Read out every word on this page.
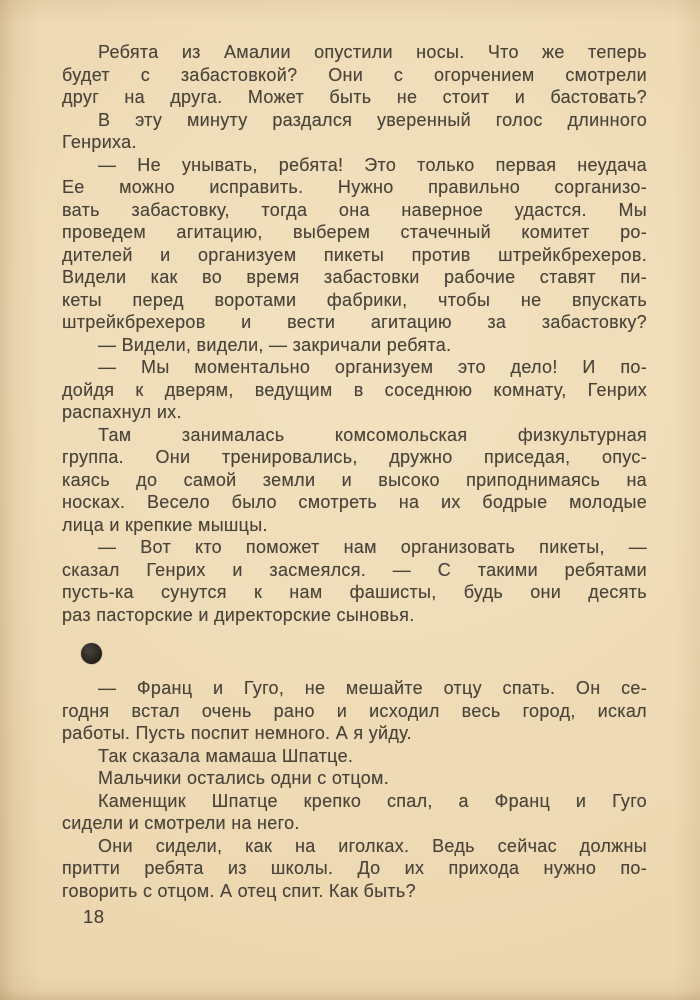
Ребята из Амалии опустили носы. Что же теперь
будет с забастовкой? Они с огорчением смотрели
друг на друга. Может быть не стоит и бастовать?
В эту минуту раздался уверенный голос длинного
Генриха.
— Не унывать, ребята! Это только первая неудача
Ее можно исправить. Нужно правильно сорганизо-
вать забастовку, тогда она наверное удастся. Мы
проведем агитацию, выберем стачечный комитет ро-
дителей и организуем пикеты против штрейкбрехеров.
Видели как во время забастовки рабочие ставят пи-
кеты перед воротами фабрики, чтобы не впускать
штрейкбрехеров и вести агитацию за забастовку?
— Видели, видели, — закричали ребята.
— Мы моментально организуем это дело! И по-
дойдя к дверям, ведущим в соседнюю комнату, Генрих
распахнул их.
Там занималась комсомольская физкультурная
группа. Они тренировались, дружно приседая, опус-
каясь до самой земли и высоко приподнимаясь на
носках. Весело было смотреть на их бодрые молодые
лица и крепкие мышцы.
— Вот кто поможет нам организовать пикеты, —
сказал Генрих и засмеялся. — С такими ребятами
пусть-ка сунутся к нам фашисты, будь они десять
раз пасторские и директорские сыновья.
— Франц и Гуго, не мешайте отцу спать. Он се-
годня встал очень рано и исходил весь город, искал
работы. Пусть поспит немного. А я уйду.
Так сказала мамаша Шпатце.
Мальчики остались одни с отцом.
Каменщик Шпатце крепко спал, а Франц и Гуго
сидели и смотрели на него.
Они сидели, как на иголках. Ведь сейчас должны
притти ребята из школы. До их прихода нужно по-
говорить с отцом. А отец спит. Как быть?
18
